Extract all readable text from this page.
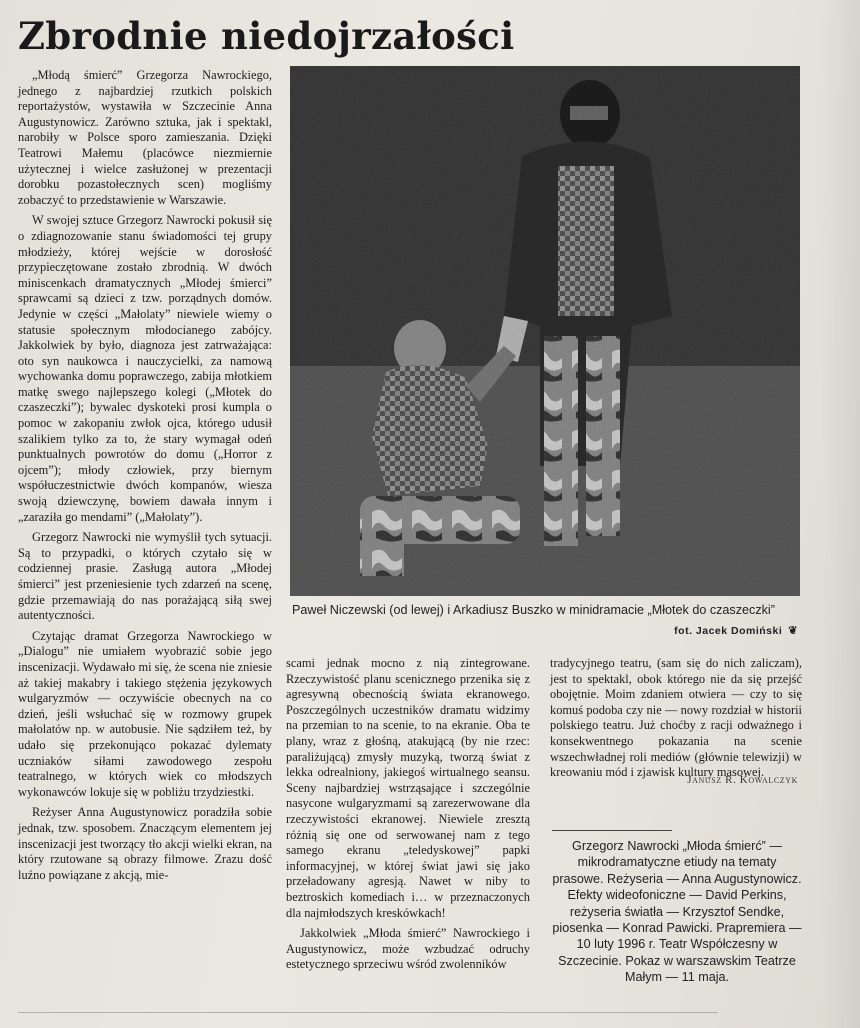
Zbrodnie niedojrzałości

„Młodą śmierć” Grzegorza Nawrockiego, jednego z najbardziej rzutkich polskich reportażystów, wystawiła w Szczecinie Anna Augustynowicz. Zarówno sztuka, jak i spektakl, narobiły w Polsce sporo zamieszania. Dzięki Teatrowi Małemu (placówce niezmiernie użytecznej i wielce zasłużonej w prezentacji dorobku pozastołecznych scen) mogliśmy zobaczyć to przedstawienie w Warszawie.

W swojej sztuce Grzegorz Nawrocki pokusił się o zdiagnozowanie stanu świadomości tej grupy młodzieży, której wejście w dorosłość przypieczętowane zostało zbrodnią. W dwóch miniscenkach dramatycznych „Młodej śmierci” sprawcami są dzieci z tzw. porządnych domów. Jedynie w części „Małolaty” niewiele wiemy o statusie społecznym młodocianego zabójcy. Jakkolwiek by było, diagnoza jest zatrważająca: oto syn naukowca i nauczycielki, za namową wychowanka domu poprawczego, zabija młotkiem matkę swego najlepszego kolegi („Młotek do czaszeczki”); bywalec dyskoteki prosi kumpla o pomoc w zakopaniu zwłok ojca, którego udusił szalikiem tylko za to, że stary wymagał odeń punktualnych powrotów do domu („Horror z ojcem”); młody człowiek, przy biernym współuczestnictwie dwóch kompanów, wiesza swoją dziewczynę, bowiem dawała innym i „zaraziła go mendami” („Małolaty”).

Grzegorz Nawrocki nie wymyślił tych sytuacji. Są to przypadki, o których czytało się w codziennej prasie. Zasługą autora „Młodej śmierci” jest przeniesienie tych zdarzeń na scenę, gdzie przemawiają do nas porażającą siłą swej autentyczności.

Czytając dramat Grzegorza Nawrockiego w „Dialogu” nie umiałem wyobrazić sobie jego inscenizacji. Wydawało mi się, że scena nie zniesie aż takiej makabry i takiego stężenia językowych wulgaryzmów — oczywiście obecnych na co dzień, jeśli wsłuchać się w rozmowy grupek małolatów np. w autobusie. Nie sądziłem też, by udało się przekonująco pokazać dylematy uczniaków siłami zawodowego zespołu teatralnego, w których wiek co młodszych wykonawców lokuje się w pobliżu trzydziestki.

Reżyser Anna Augustynowicz poradziła sobie jednak, tzw. sposobem. Znaczącym elementem jej inscenizacji jest tworzący tło akcji wielki ekran, na który rzutowane są obrazy filmowe. Zrazu dość luźno powiązane z akcją, mie-

Paweł Niczewski (od lewej) i Arkadiusz Buszko w minidramacie „Młotek do czaszeczki”
fot. Jacek Domiński ❦

scami jednak mocno z nią zintegrowane. Rzeczywistość planu scenicznego przenika się z agresywną obecnością świata ekranowego. Poszczególnych uczestników dramatu widzimy na przemian to na scenie, to na ekranie. Oba te plany, wraz z głośną, atakującą (by nie rzec: paraliżującą) zmysły muzyką, tworzą świat z lekka odrealniony, jakiegoś wirtualnego seansu. Sceny najbardziej wstrząsające i szczególnie nasycone wulgaryzmami są zarezerwowane dla rzeczywistości ekranowej. Niewiele zresztą różnią się one od serwowanej nam z tego samego ekranu „teledyskowej” papki informacyjnej, w której świat jawi się jako przeładowany agresją. Nawet w niby to beztroskich komediach i… w przeznaczonych dla najmłodszych kreskówkach!

Jakkolwiek „Młoda śmierć” Nawrockiego i Augustynowicz, może wzbudzać odruchy estetycznego sprzeciwu wśród zwolenników

tradycyjnego teatru, (sam się do nich zaliczam), jest to spektakl, obok którego nie da się przejść obojętnie. Moim zdaniem otwiera — czy to się komuś podoba czy nie — nowy rozdział w historii polskiego teatru. Już choćby z racji odważnego i konsekwentnego pokazania na scenie wszechwładnej roli mediów (głównie telewizji) w kreowaniu mód i zjawisk kultury masowej.

Janusz R. Kowalczyk

Grzegorz Nawrocki „Młoda śmierć” — mikrodramatyczne etiudy na tematy prasowe. Reżyseria — Anna Augustynowicz. Efekty wideofoniczne — David Perkins, reżyseria światła — Krzysztof Sendke, piosenka — Konrad Pawicki. Prapremiera — 10 luty 1996 r. Teatr Współczesny w Szczecinie. Pokaz w warszawskim Teatrze Małym — 11 maja.
